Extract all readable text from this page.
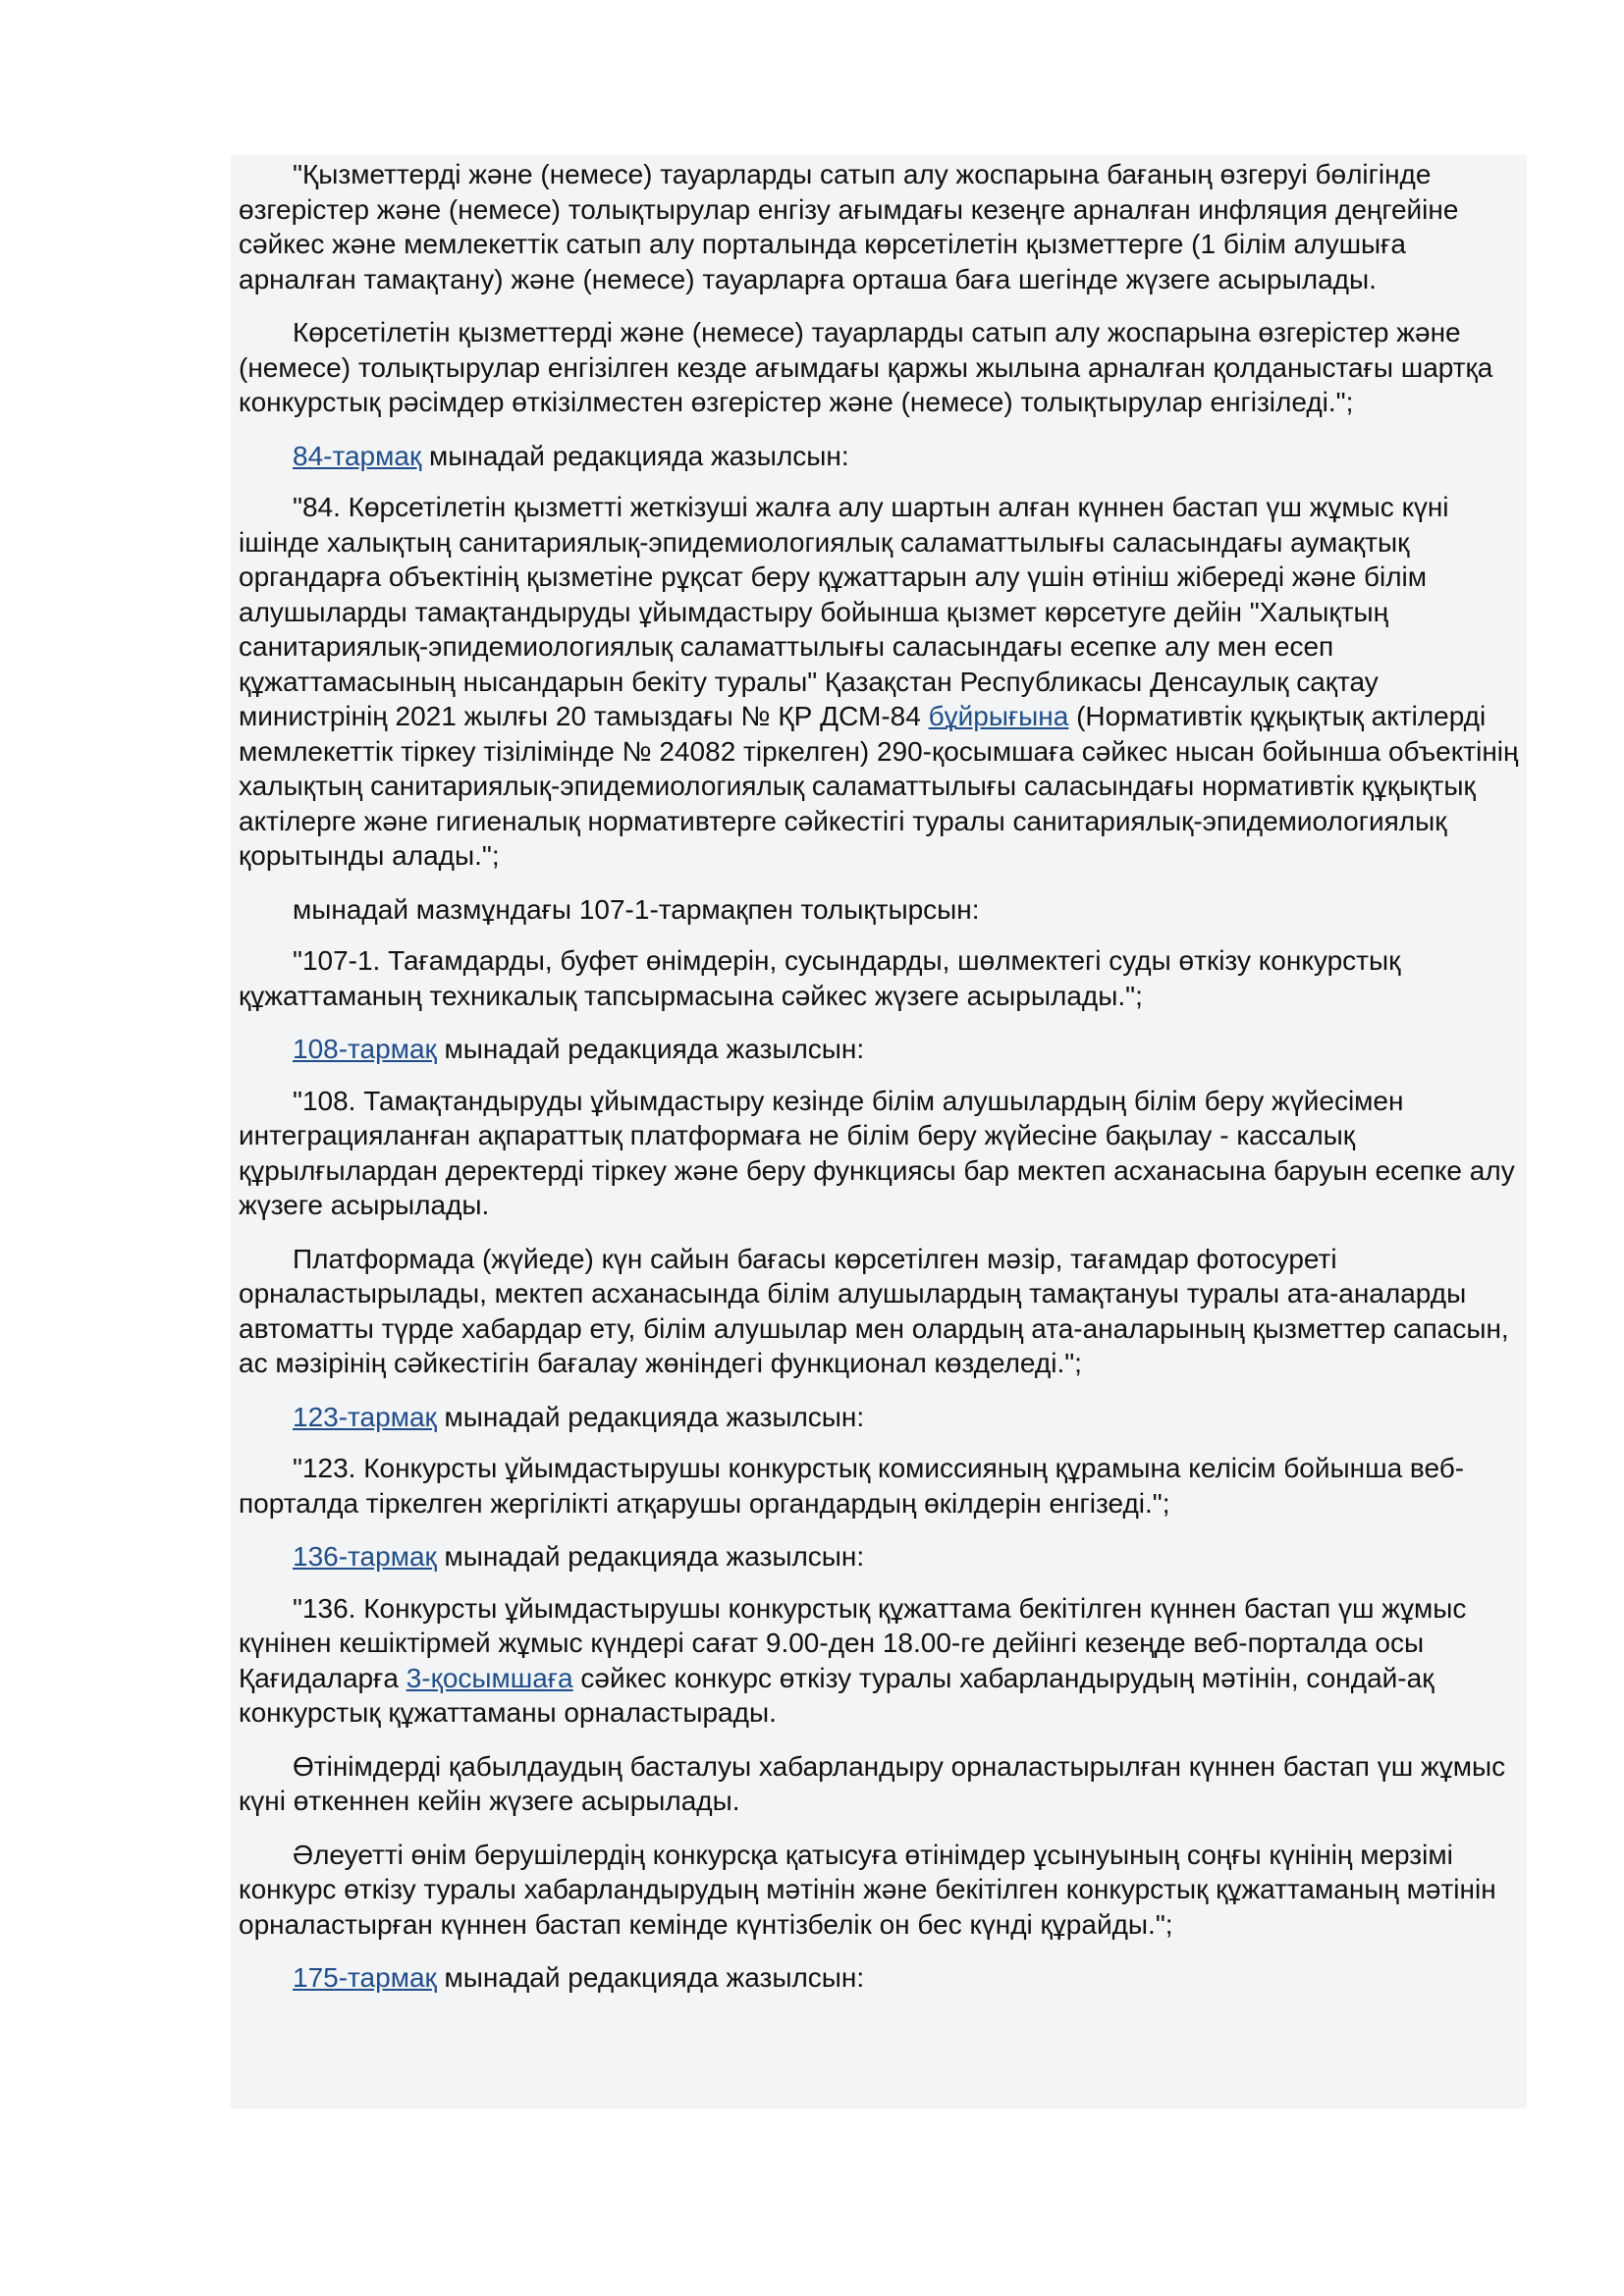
"Қызметтерді және (немесе) тауарларды сатып алу жоспарына бағаның өзгеруі бөлігінде өзгерістер және (немесе) толықтырулар енгізу ағымдағы кезеңге арналған инфляция деңгейіне сәйкес және мемлекеттік сатып алу порталында көрсетілетін қызметтерге (1 білім алушыға арналған тамақтану) және (немесе) тауарларға орташа баға шегінде жүзеге асырылады.

Көрсетілетін қызметтерді және (немесе) тауарларды сатып алу жоспарына өзгерістер және (немесе) толықтырулар енгізілген кезде ағымдағы қаржы жылына арналған қолданыстағы шартқа конкурстық рәсімдер өткізілместен өзгерістер және (немесе) толықтырулар енгізіледі.";

84-тармақ мынадай редакцияда жазылсын:

"84. Көрсетілетін қызметті жеткізуші жалға алу шартын алған күннен бастап үш жұмыс күні ішінде халықтың санитариялық-эпидемиологиялық саламаттылығы саласындағы аумақтық органдарға объектінің қызметіне рұқсат беру құжаттарын алу үшін өтініш жібереді және білім алушыларды тамақтандыруды ұйымдастыру бойынша қызмет көрсетуге дейін "Халықтың санитариялық-эпидемиологиялық саламаттылығы саласындағы есепке алу мен есеп құжаттамасының нысандарын бекіту туралы" Қазақстан Республикасы Денсаулық сақтау министрінің 2021 жылғы 20 тамыздағы № ҚР ДСМ-84 бұйрығына (Нормативтік құқықтық актілерді мемлекеттік тіркеу тізілімінде № 24082 тіркелген) 290-қосымшаға сәйкес нысан бойынша объектінің халықтың санитариялық-эпидемиологиялық саламаттылығы саласындағы нормативтік құқықтық актілерге және гигиеналық нормативтерге сәйкестігі туралы санитариялық-эпидемиологиялық қорытынды алады.";

мынадай мазмұндағы 107-1-тармақпен толықтырсын:

"107-1. Тағамдарды, буфет өнімдерін, сусындарды, шөлмектегі суды өткізу конкурстық құжаттаманың техникалық тапсырмасына сәйкес жүзеге асырылады.";

108-тармақ мынадай редакцияда жазылсын:

"108. Тамақтандыруды ұйымдастыру кезінде білім алушылардың білім беру жүйесімен интеграцияланған ақпараттық платформаға не білім беру жүйесіне бақылау - кассалық құрылғылардан деректерді тіркеу және беру функциясы бар мектеп асханасына баруын есепке алу жүзеге асырылады.

Платформада (жүйеде) күн сайын бағасы көрсетілген мәзір, тағамдар фотосуреті орналастырылады, мектеп асханасында білім алушылардың тамақтануы туралы ата-аналарды автоматты түрде хабардар ету, білім алушылар мен олардың ата-аналарының қызметтер сапасын, ас мәзірінің сәйкестігін бағалау жөніндегі функционал көзделеді.";

123-тармақ мынадай редакцияда жазылсын:

"123. Конкурсты ұйымдастырушы конкурстық комиссияның құрамына келісім бойынша веб-порталда тіркелген жергілікті атқарушы органдардың өкілдерін енгізеді.";

136-тармақ мынадай редакцияда жазылсын:

"136. Конкурсты ұйымдастырушы конкурстық құжаттама бекітілген күннен бастап үш жұмыс күнінен кешіктірмей жұмыс күндері сағат 9.00-ден 18.00-ге дейінгі кезеңде веб-порталда осы Қағидаларға 3-қосымшаға сәйкес конкурс өткізу туралы хабарландырудың мәтінін, сондай-ақ конкурстық құжаттаманы орналастырады.

Өтінімдерді қабылдаудың басталуы хабарландыру орналастырылған күннен бастап үш жұмыс күні өткеннен кейін жүзеге асырылады.

Әлеуетті өнім берушілердің конкурсқа қатысуға өтінімдер ұсынуының соңғы күнінің мерзімі конкурс өткізу туралы хабарландырудың мәтінін және бекітілген конкурстық құжаттаманың мәтінін орналастырған күннен бастап кемінде күнтізбелік он бес күнді құрайды.";

175-тармақ мынадай редакцияда жазылсын:
